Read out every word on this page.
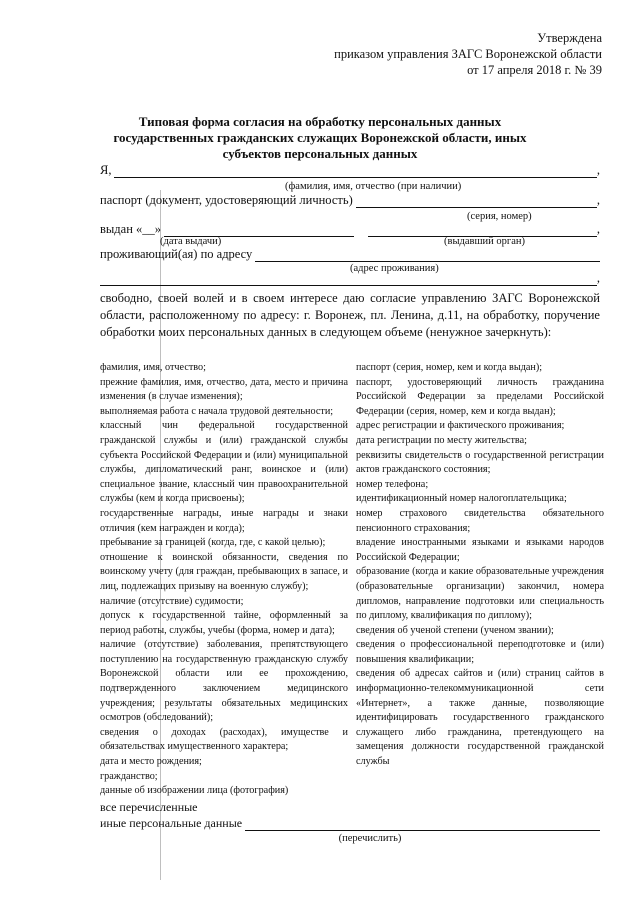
Утверждена
приказом управления ЗАГС Воронежской области
от 17 апреля 2018 г. № 39
Типовая форма согласия на обработку персональных данных
государственных гражданских служащих Воронежской области, иных
субъектов персональных данных
Я,	,
(фамилия, имя, отчество (при наличии)
паспорт (документ, удостоверяющий личность)	,
(серия, номер)
выдан «__»	,
(дата выдачи)	(выдавший орган)
проживающий(ая) по адресу
(адрес проживания)
,
свободно, своей волей и в своем интересе даю согласие управлению ЗАГС Воронежской области, расположенному по адресу: г. Воронеж, пл. Ленина, д.11, на обработку, поручение обработки моих персональных данных в следующем объеме (ненужное зачеркнуть):

фамилия, имя, отчество;

прежние фамилия, имя, отчество, дата, место и причина изменения (в случае изменения);

выполняемая работа с начала трудовой деятельности;

классный чин федеральной государственной гражданской службы и (или) гражданской службы субъекта Российской Федерации и (или) муниципальной службы, дипломатический ранг, воинское и (или) специальное звание, классный чин правоохранительной службы (кем и когда присвоены);

государственные награды, иные награды и знаки отличия (кем награжден и когда);

пребывание за границей (когда, где, с какой целью);

отношение к воинской обязанности, сведения по воинскому учету (для граждан, пребывающих в запасе, и лиц, подлежащих призыву на военную службу);

наличие (отсутствие) судимости;

допуск к государственной тайне, оформленный за период работы, службы, учебы (форма, номер и дата);

наличие (отсутствие) заболевания, препятствующего поступлению на государственную гражданскую службу Воронежской области или ее прохождению, подтвержденного заключением медицинского учреждения; результаты обязательных медицинских осмотров (обследований);

сведения о доходах (расходах), имуществе и обязательствах имущественного характера;

дата и место рождения;

гражданство;

данные об изображении лица (фотография)

паспорт (серия, номер, кем и когда выдан);

паспорт, удостоверяющий личность гражданина Российской Федерации за пределами Российской Федерации (серия, номер, кем и когда выдан);

адрес регистрации и фактического проживания;

дата регистрации по месту жительства;

реквизиты свидетельств о государственной регистрации актов гражданского состояния;

номер телефона;

идентификационный номер налогоплательщика;

номер страхового свидетельства обязательного пенсионного страхования;

владение иностранными языками и языками народов Российской Федерации;

образование (когда и какие образовательные учреждения (образовательные организации) закончил, номера дипломов, направление подготовки или специальность по диплому, квалификация по диплому);

сведения об ученой степени (ученом звании);

сведения о профессиональной переподготовке и (или) повышения квалификации;

сведения об адресах сайтов и (или) страниц сайтов в информационно-телекоммуникационной сети «Интернет», а также данные, позволяющие идентифицировать государственного гражданского служащего либо гражданина, претендующего на замещения должности государственной гражданской службы

все перечисленные
иные персональные данные
(перечислить)
